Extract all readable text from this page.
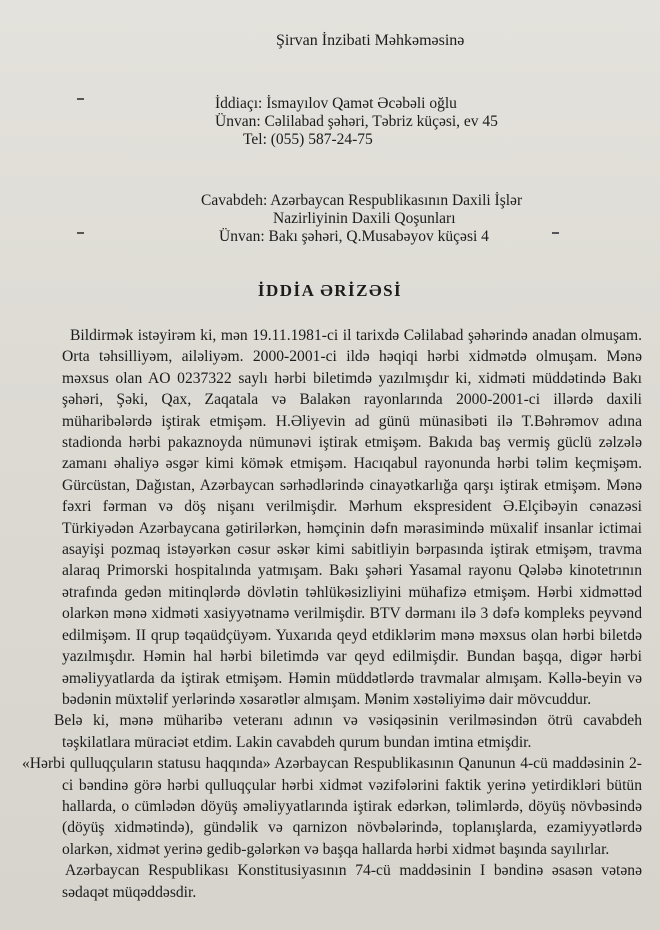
Şirvan İnzibati Məhkəməsinə
İddiaçı: İsmayılov Qamət Əcəbəli oğlu
Ünvan: Cəlilabad şəhəri, Təbriz küçəsi, ev 45
Tel: (055) 587-24-75
Cavabdeh: Azərbaycan Respublikasının Daxili İşlər
Nazirliyinin Daxili Qoşunları
Ünvan: Bakı şəhəri, Q.Musabəyov küçəsi 4
İDDİA ƏRİZƏSİ

Bildirmək istəyirəm ki, mən 19.11.1981-ci il tarixdə Cəlilabad şəhərində anadan olmuşam. Orta təhsilliyəm, ailəliyəm. 2000-2001-ci ildə həqiqi hərbi xidmətdə olmuşam. Mənə məxsus olan AO 0237322 saylı hərbi biletimdə yazılmışdır ki, xidməti müddətində Bakı şəhəri, Şəki, Qax, Zaqatala və Balakən rayonlarında 2000-2001-ci illərdə daxili müharibələrdə iştirak etmişəm. H.Əliyevin ad günü münasibəti ilə T.Bəhrəmov adına stadionda hərbi pakaznoyda nümunəvi iştirak etmişəm. Bakıda baş vermiş güclü zəlzələ zamanı əhaliyə əsgər kimi kömək etmişəm. Hacıqabul rayonunda hərbi təlim keçmişəm. Gürcüstan, Dağıstan, Azərbaycan sərhədlərində cinayətkarlığa qarşı iştirak etmişəm. Mənə fəxri fərman və döş nişanı verilmişdir. Mərhum ekspresident Ə.Elçibəyin cənazəsi Türkiyədən Azərbaycana gətirilərkən, həmçinin dəfn mərasimində müxalif insanlar ictimai asayişi pozmaq istəyərkən cəsur əskər kimi sabitliyin bərpasında iştirak etmişəm, travma alaraq Primorski hospitalında yatmışam. Bakı şəhəri Yasamal rayonu Qələbə kinotetrının ətrafında gedən mitinqlərdə dövlətin təhlükəsizliyini mühafizə etmişəm. Hərbi xidməttəd olarkən mənə xidməti xasiyyətnamə verilmişdir. BTV dərmanı ilə 3 dəfə kompleks peyvənd edilmişəm. II qrup təqaüdçüyəm. Yuxarıda qeyd etdiklərim mənə məxsus olan hərbi biletdə yazılmışdır. Həmin hal hərbi biletimdə var qeyd edilmişdir. Bundan başqa, digər hərbi əməliyyatlarda da iştirak etmişəm. Həmin müddətlərdə travmalar almışam. Kəllə-beyin və bədənin müxtəlif yerlərində xəsarətlər almışam. Mənim xəstəliyimə dair mövcuddur.

Belə ki, mənə müharibə veteranı adının və vəsiqəsinin verilməsindən ötrü cavabdeh təşkilatlara müraciət etdim. Lakin cavabdeh qurum bundan imtina etmişdir.

«Hərbi qulluqçuların statusu haqqında» Azərbaycan Respublikasının Qanunun 4-cü maddəsinin 2-ci bəndinə görə hərbi qulluqçular hərbi xidmət vəzifələrini faktik yerinə yetirdikləri bütün hallarda, o cümlədən döyüş əməliyyatlarında iştirak edərkən, təlimlərdə, döyüş növbəsində (döyüş xidmətində), gündəlik və qarnizon növbələrində, toplanışlarda, ezamiyyətlərdə olarkən, xidmət yerinə gedib-gələrkən və başqa hallarda hərbi xidmət başında sayılırlar.

Azərbaycan Respublikası Konstitusiyasının 74-cü maddəsinin I bəndinə əsasən vətənə sədaqət müqəddəsdir.
